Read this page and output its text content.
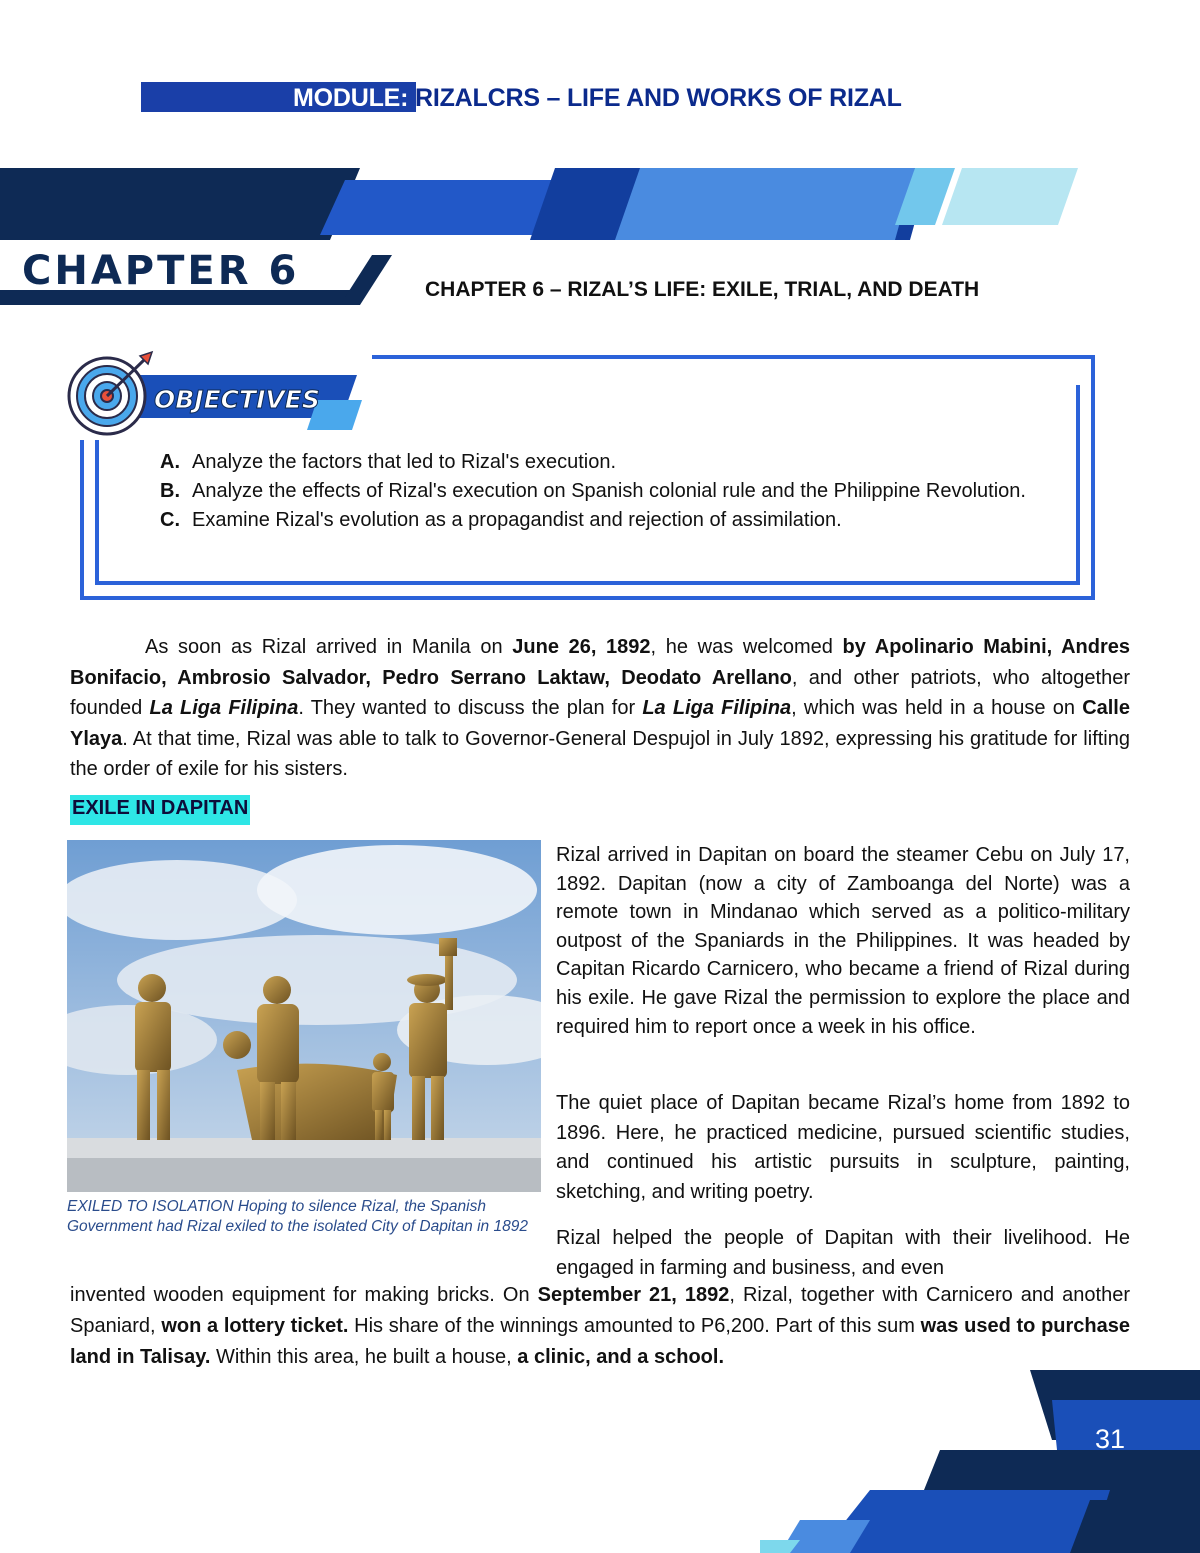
MODULE: RIZALCRS – LIFE AND WORKS OF RIZAL
CHAPTER 6	CHAPTER 6 – RIZAL’S LIFE: EXILE, TRIAL, AND DEATH
OBJECTIVES
A. Analyze the factors that led to Rizal's execution.
B. Analyze the effects of Rizal's execution on Spanish colonial rule and the Philippine Revolution.
C. Examine Rizal's evolution as a propagandist and rejection of assimilation.

As soon as Rizal arrived in Manila on June 26, 1892, he was welcomed by Apolinario Mabini, Andres Bonifacio, Ambrosio Salvador, Pedro Serrano Laktaw, Deodato Arellano, and other patriots, who altogether founded La Liga Filipina. They wanted to discuss the plan for La Liga Filipina, which was held in a house on Calle Ylaya. At that time, Rizal was able to talk to Governor-General Despujol in July 1892, expressing his gratitude for lifting the order of exile for his sisters.

EXILE IN DAPITAN
EXILED TO ISOLATION Hoping to silence Rizal, the Spanish Government had Rizal exiled to the isolated City of Dapitan in 1892

Rizal arrived in Dapitan on board the steamer Cebu on July 17, 1892. Dapitan (now a city of Zamboanga del Norte) was a remote town in Mindanao which served as a politico-military outpost of the Spaniards in the Philippines. It was headed by Capitan Ricardo Carnicero, who became a friend of Rizal during his exile. He gave Rizal the permission to explore the place and required him to report once a week in his office.

The quiet place of Dapitan became Rizal’s home from 1892 to 1896. Here, he practiced medicine, pursued scientific studies, and continued his artistic pursuits in sculpture, painting, sketching, and writing poetry.

Rizal helped the people of Dapitan with their livelihood. He engaged in farming and business, and even

invented wooden equipment for making bricks. On September 21, 1892, Rizal, together with Carnicero and another Spaniard, won a lottery ticket. His share of the winnings amounted to P6,200. Part of this sum was used to purchase land in Talisay. Within this area, he built a house, a clinic, and a school.

31
